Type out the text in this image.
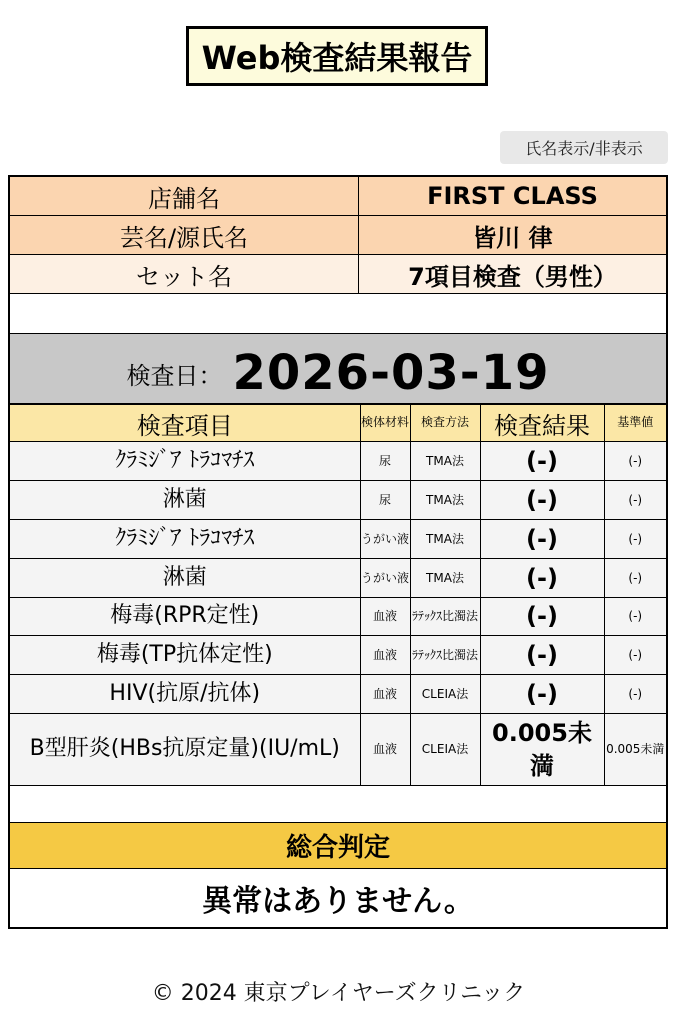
Web検査結果報告
氏名表示/非表示
店舗名	FIRST CLASS
芸名/源氏名	皆川 律
セット名	7項目検査（男性）
検査日： 2026-03-19
検査項目	検体材料	検査方法	検査結果	基準値
ｸﾗﾐｼﾞｱ ﾄﾗｺﾏﾁｽ	尿	TMA法	(-)	(-)
淋菌	尿	TMA法	(-)	(-)
ｸﾗﾐｼﾞｱ ﾄﾗｺﾏﾁｽ	うがい液	TMA法	(-)	(-)
淋菌	うがい液	TMA法	(-)	(-)
梅毒(RPR定性)	血液	ﾗﾃｯｸｽ比濁法	(-)	(-)
梅毒(TP抗体定性)	血液	ﾗﾃｯｸｽ比濁法	(-)	(-)
HIV(抗原/抗体)	血液	CLEIA法	(-)	(-)
B型肝炎(HBs抗原定量)(IU/mL)	血液	CLEIA法	0.005未満	0.005未満
総合判定
異常はありません。
© 2024 東京プレイヤーズクリニック
